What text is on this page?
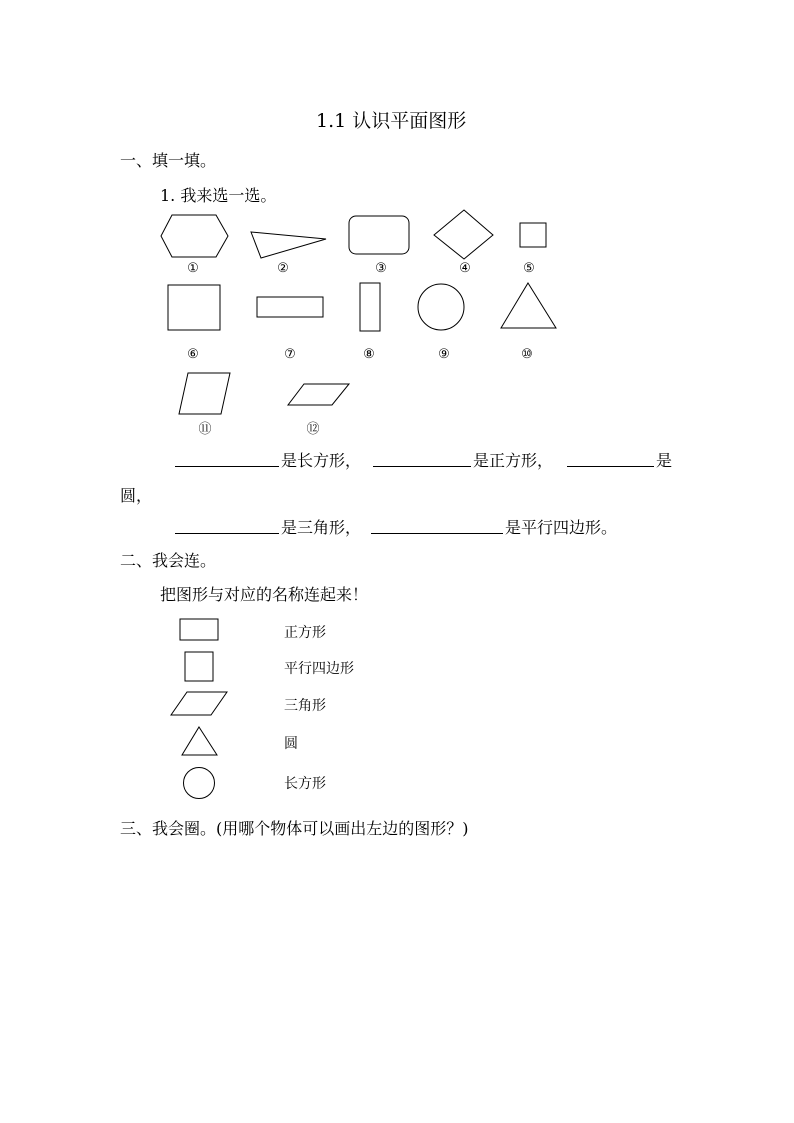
1.1 认识平面图形
一、填一填。
1. 我来选一选。
①	②	③	④	⑤
⑥	⑦	⑧	⑨	⑩
⑪	⑫
是长方形，	是正方形，	是
圆，
是三角形，	是平行四边形。
二、我会连。
把图形与对应的名称连起来！
正方形
平行四边形
三角形
圆
长方形
三、我会圈。(用哪个物体可以画出左边的图形？)
